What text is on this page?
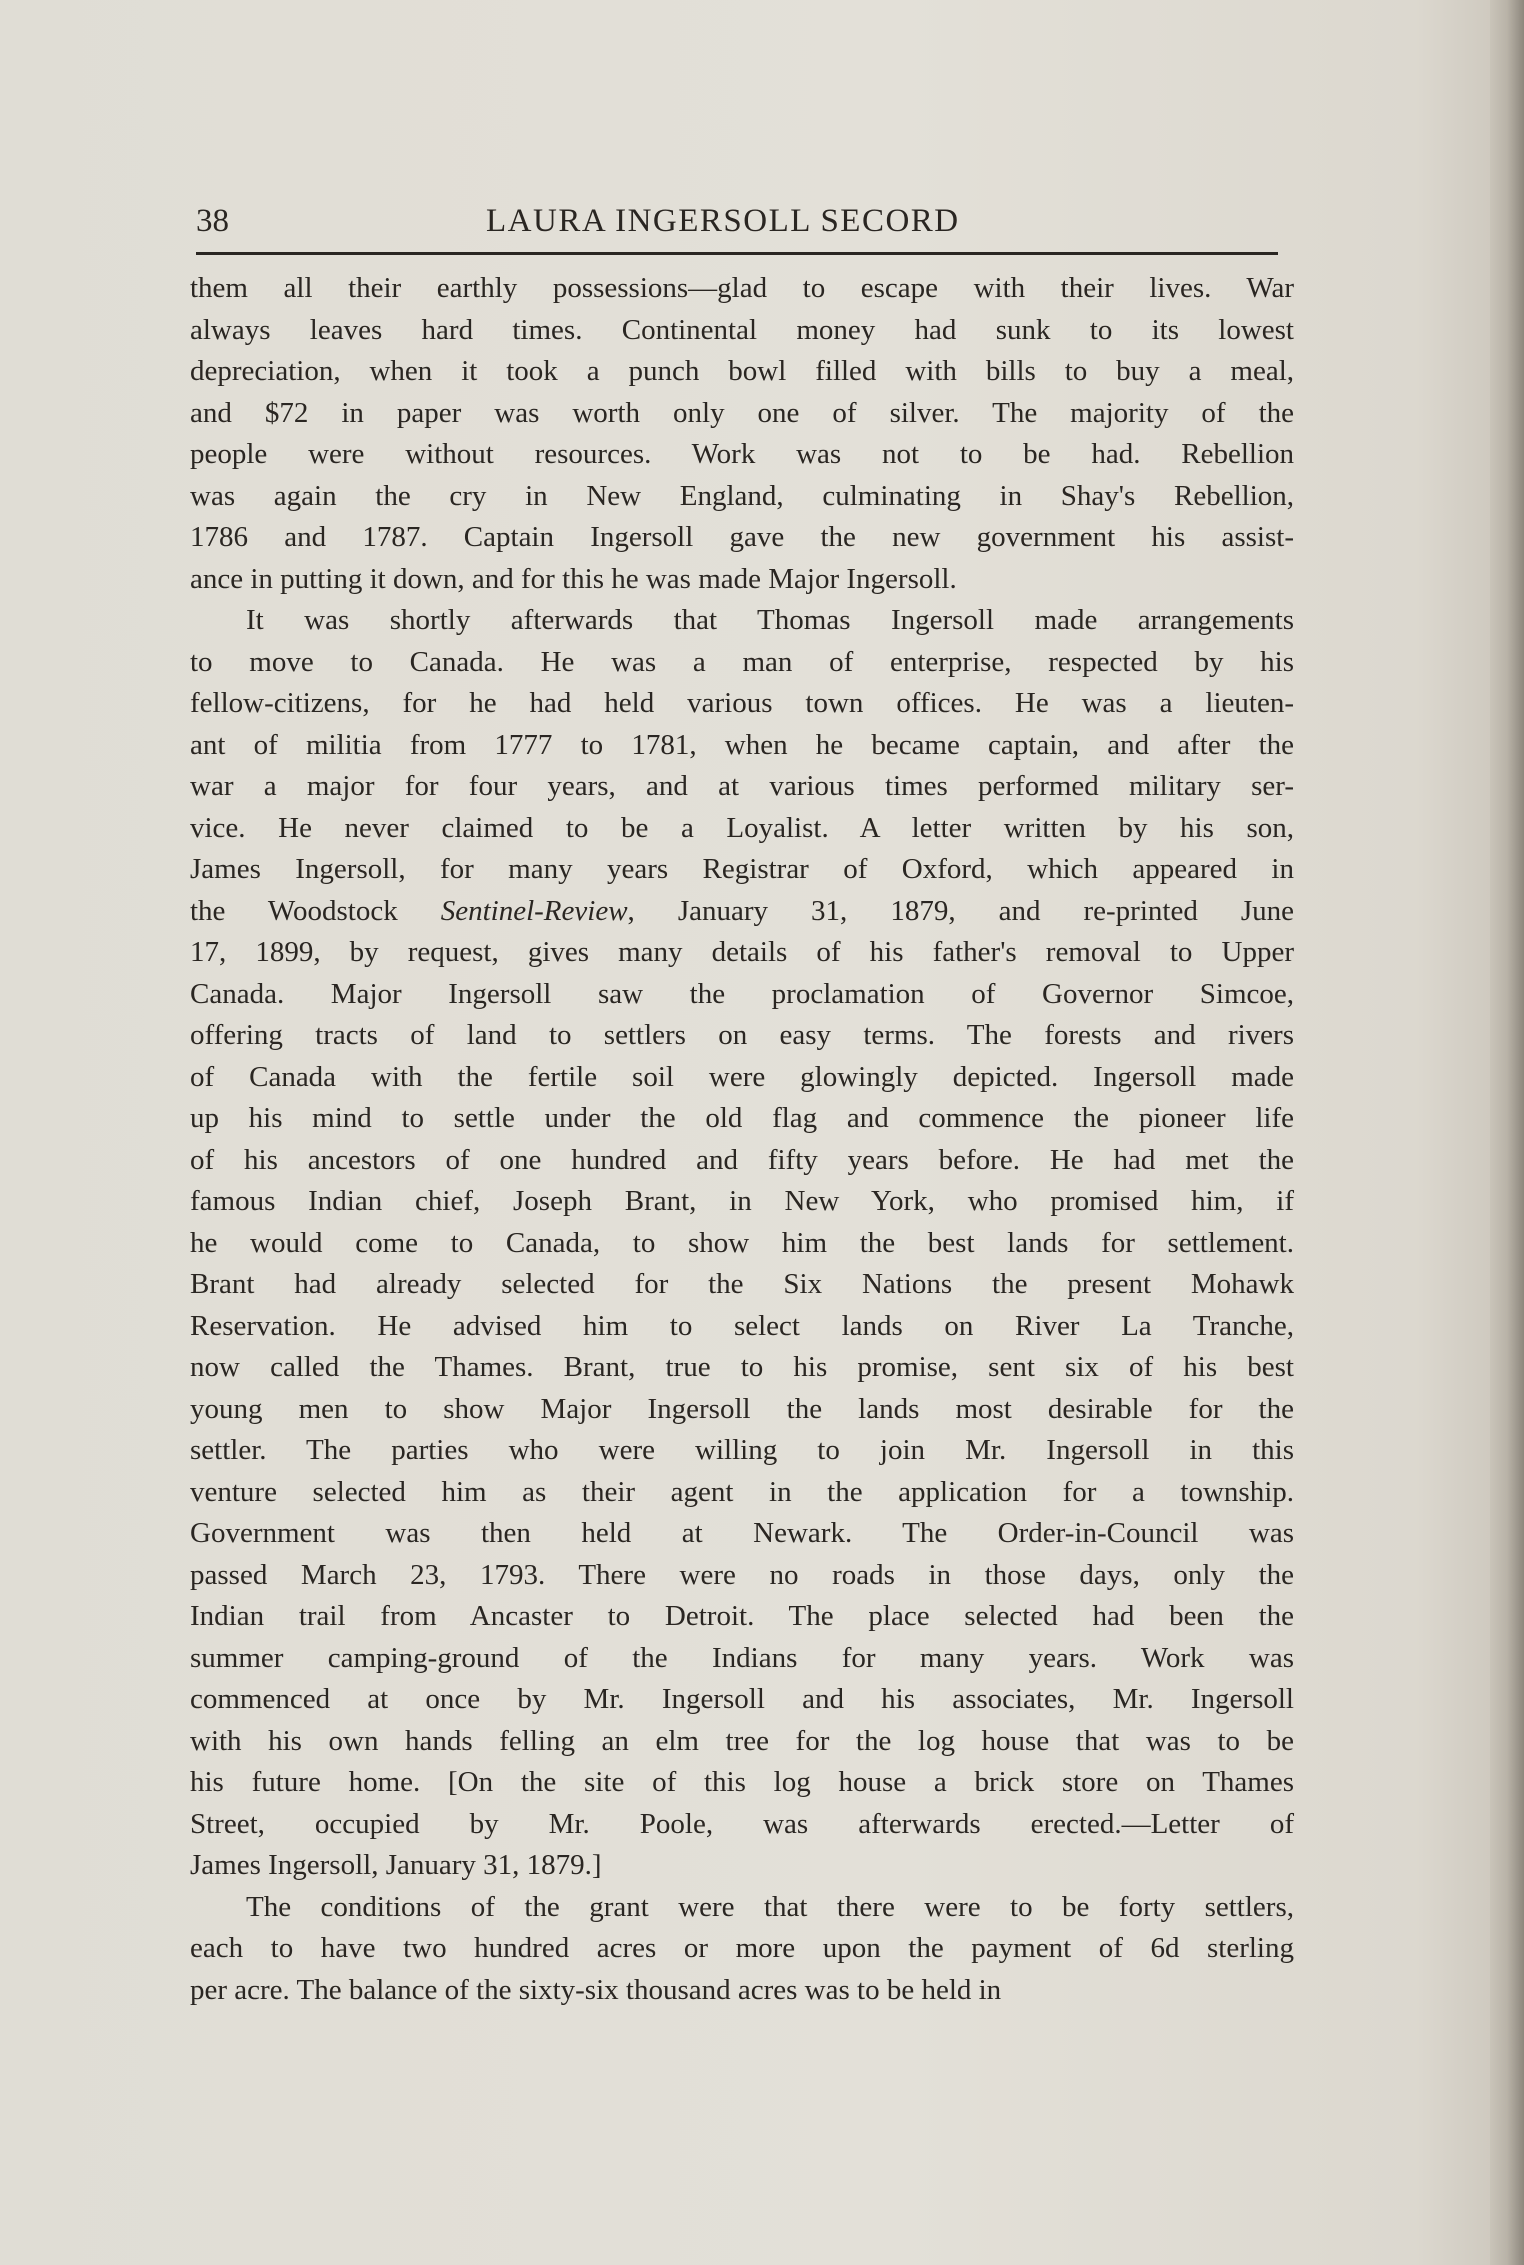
38	LAURA INGERSOLL SECORD
them all their earthly possessions—glad to escape with their lives. War
always leaves hard times. Continental money had sunk to its lowest
depreciation, when it took a punch bowl filled with bills to buy a meal,
and $72 in paper was worth only one of silver. The majority of the
people were without resources. Work was not to be had. Rebellion
was again the cry in New England, culminating in Shay's Rebellion,
1786 and 1787. Captain Ingersoll gave the new government his assist-
ance in putting it down, and for this he was made Major Ingersoll.
It was shortly afterwards that Thomas Ingersoll made arrangements
to move to Canada. He was a man of enterprise, respected by his
fellow-citizens, for he had held various town offices. He was a lieuten-
ant of militia from 1777 to 1781, when he became captain, and after the
war a major for four years, and at various times performed military ser-
vice. He never claimed to be a Loyalist. A letter written by his son,
James Ingersoll, for many years Registrar of Oxford, which appeared in
the Woodstock Sentinel-Review, January 31, 1879, and re-printed June
17, 1899, by request, gives many details of his father's removal to Upper
Canada. Major Ingersoll saw the proclamation of Governor Simcoe,
offering tracts of land to settlers on easy terms. The forests and rivers
of Canada with the fertile soil were glowingly depicted. Ingersoll made
up his mind to settle under the old flag and commence the pioneer life
of his ancestors of one hundred and fifty years before. He had met the
famous Indian chief, Joseph Brant, in New York, who promised him, if
he would come to Canada, to show him the best lands for settlement.
Brant had already selected for the Six Nations the present Mohawk
Reservation. He advised him to select lands on River La Tranche,
now called the Thames. Brant, true to his promise, sent six of his best
young men to show Major Ingersoll the lands most desirable for the
settler. The parties who were willing to join Mr. Ingersoll in this
venture selected him as their agent in the application for a township.
Government was then held at Newark. The Order-in-Council was
passed March 23, 1793. There were no roads in those days, only the
Indian trail from Ancaster to Detroit. The place selected had been the
summer camping-ground of the Indians for many years. Work was
commenced at once by Mr. Ingersoll and his associates, Mr. Ingersoll
with his own hands felling an elm tree for the log house that was to be
his future home. [On the site of this log house a brick store on Thames
Street, occupied by Mr. Poole, was afterwards erected.—Letter of
James Ingersoll, January 31, 1879.]
The conditions of the grant were that there were to be forty settlers,
each to have two hundred acres or more upon the payment of 6d sterling
per acre. The balance of the sixty-six thousand acres was to be held in
